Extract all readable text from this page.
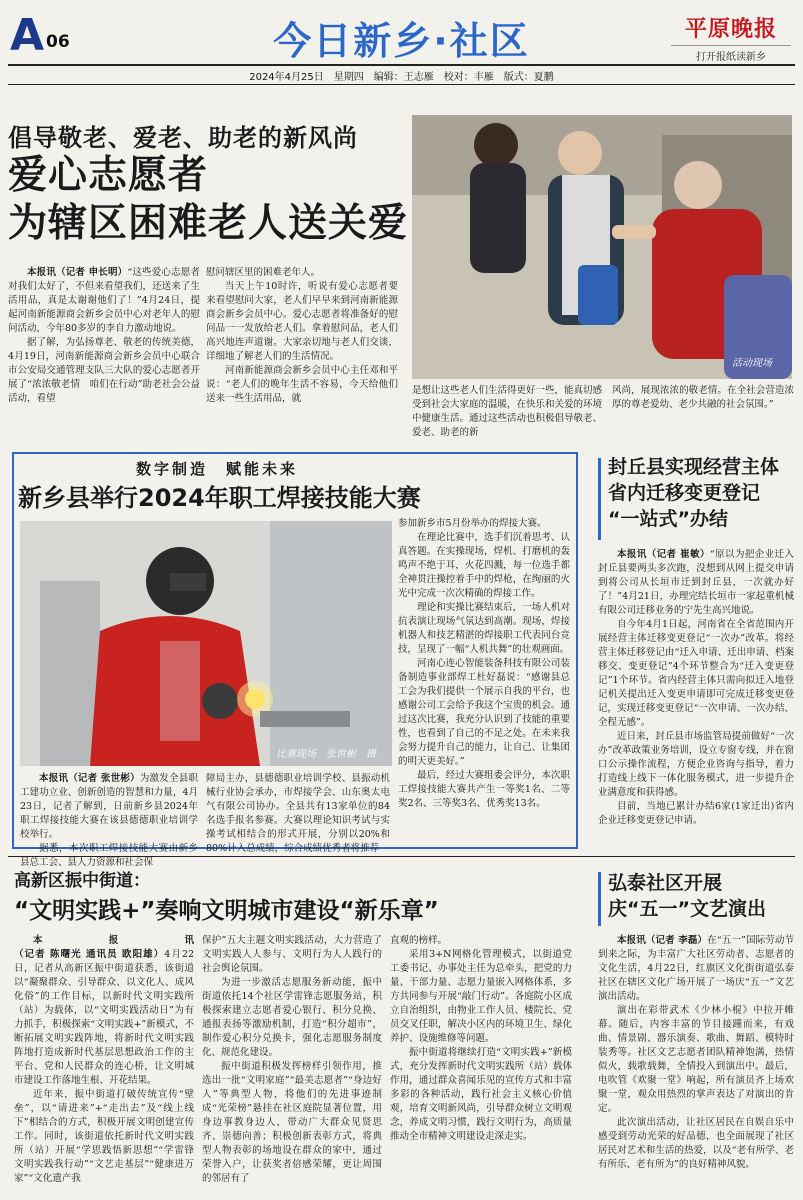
A 06	今日新乡·社区	平原晚报
打开报纸读新乡
2024年4月25日　星期四　编辑：王志雁　校对：丰雁　版式：夏鹏
倡导敬老、爱老、助老的新风尚
爱心志愿者
为辖区困难老人送关爱
活动现场

本报讯（记者 申长明）“这些爱心志愿者对我们太好了，不但来看望我们，还送来了生活用品，真是太谢谢他们了！”4月24日，提起河南新能源商会新乡会员中心对老年人的慰问活动，今年80多岁的李自力激动地说。

据了解，为弘扬尊老、敬老的传统美德，4月19日，河南新能源商会新乡会员中心联合市公安局交通管理支队三大队的爱心志愿者开展了“浓浓敬老情　咱们在行动”助老社会公益活动，看望

慰问辖区里的困难老年人。

当天上午10时许，听说有爱心志愿者要来看望慰问大家，老人们早早来到河南新能源商会新乡会员中心。爱心志愿者将准备好的慰问品一一发放给老人们。拿着慰问品，老人们高兴地连声道谢。大家亲切地与老人们交谈，详细地了解老人们的生活情况。

河南新能源商会新乡会员中心主任邓和平说：“老人们的晚年生活不容易，今天给他们送来一些生活用品，就

是想让这些老人们生活得更好一些，能真切感受到社会大家庭的温暖，在快乐和关爱的环境中健康生活。通过这些活动也积极倡导敬老、爱老、助老的新

风尚，展现浓浓的敬老情。在全社会营造浓厚的尊老爱幼、老少共融的社会氛围。”

数字制造　赋能未来
新乡县举行2024年职工焊接技能大赛
比赛现场　张世彬　摄

本报讯（记者 张世彬）为激发全县职工建功立业、创新创造的智慧和力量，4月23日，记者了解到，日前新乡县2024年职工焊接技能大赛在该县德德职业培训学校举行。

据悉，本次职工焊接技能大赛由新乡县总工会、县人力资源和社会保

障局主办，县德德职业培训学校、县振动机械行业协会承办，市焊接学会、山东奥太电气有限公司协办。全县共有13家单位的84名选手报名参赛。大赛以理论知识考试与实操考试相结合的形式开展，分别以20%和80%计入总成绩，综合成绩优秀者将推荐

参加新乡市5月份举办的焊接大赛。

在理论比赛中，选手们沉着思考、认真答题。在实操现场，焊机、打磨机的轰鸣声不绝于耳，火花四溅，每一位选手都全神贯注操控着手中的焊枪，在绚丽的火光中完成一次次精确的焊接工作。

理论和实操比赛结束后，一场人机对抗表演让现场气氛达到高潮。现场，焊接机器人和技艺精湛的焊接职工代表同台竞技，呈现了一幅“人机共舞”的壮观画面。

河南心连心智能装备科技有限公司装备制造事业部焊工杜好磊说：“感谢县总工会为我们提供一个展示自我的平台，也感谢公司工会给予我这个宝贵的机会。通过这次比赛，我充分认识到了技能的重要性，也看到了自己的不足之处。在未来我会努力提升自己的能力，让自己、让集团的明天更美好。”

最后，经过大赛组委会评分，本次职工焊接技能大赛共产生一等奖1名、二等奖2名、三等奖3名、优秀奖13名。

封丘县实现经营主体
省内迁移变更登记
“一站式”办结

本报讯（记者 崔敏）“原以为把企业迁入封丘县要两头多次跑，没想到从网上提交申请到将公司从长垣市迁到封丘县，一次就办好了！”4月21日，办理完结长垣市一家起重机械有限公司迁移业务的宁先生高兴地说。

自今年4月1日起，河南省在全省范围内开展经营主体迁移变更登记“一次办”改革。将经营主体迁移登记由“迁入申请、迁出申请、档案移交、变更登记”4个环节整合为“迁入变更登记”1个环节。省内经营主体只需向拟迁入地登记机关提出迁入变更申请即可完成迁移变更登记，实现迁移变更登记“一次申请、一次办结、全程无感”。

近日来，封丘县市场监管局提前做好“一次办”改革政策业务培训，设立专窗专线，并在窗口公示操作流程，方便企业咨询与指导，着力打造线上线下一体化服务模式，进一步提升企业满意度和获得感。

目前，当地已累计办结6家(1家迁出)省内企业迁移变更登记申请。

高新区振中街道：
“文明实践+”奏响文明城市建设“新乐章”

本报讯（记者 陈曙光 通讯员 欧阳雄）4月22日，记者从高新区振中街道获悉，该街道以“凝聚群众、引导群众、以文化人、成风化俗”的工作目标，以新时代文明实践所（站）为载体，以“文明实践活动日”为有力抓手，积极探索“文明实践+”新模式，不断拓展文明实践阵地，将新时代文明实践阵地打造成新时代基层思想政治工作的主平台、党和人民群众的连心桥，让文明城市建设工作落地生根、开花结果。

近年来，振中街道打破传统宣传“壁垒”，以“请进来”+“走出去”及“线上线下”相结合的方式，积极开展文明创建宣传工作。同时，该街道依托新时代文明实践所（站）开展“学思践悟新思想”“学雷锋　文明实践我行动”“文艺走基层”“健康进万家”“文化遗产我

保护”五大主题文明实践活动，大力营造了文明实践人人参与、文明行为人人践行的社会舆论氛围。

为进一步激活志愿服务新动能，振中街道依托14个社区学雷锋志愿服务站，积极探索建立志愿者爱心银行、积分兑换、通报表扬等激励机制，打造“积分超市”，制作爱心积分兑换卡，强化志愿服务制度化、规范化建设。

振中街道积极发挥榜样引领作用，推选出一批“文明家庭”“最美志愿者”“身边好人”等典型人物，将他们的先进事迹制成“光荣榜”悬挂在社区庭院显著位置，用身边事教身边人，带动广大群众见贤思齐、崇德向善；积极创新表彰方式，将典型人物表彰的场地设在群众的家中，通过荣誉入户，让获奖者倍感荣耀，更让周围的邻居有了

直观的榜样。

采用3+N网格化管理模式，以街道党工委书记、办事处主任为总牵头，把党的力量、干部力量、志愿力量嵌入网格体系，多方共同参与开展“敲门行动”。各庭院小区成立自治组织，由物业工作人员、楼院长、党员交叉任职，解决小区内的环境卫生、绿化养护、设施维修等问题。

振中街道将继续打造“文明实践+”新模式，充分发挥新时代文明实践所（站）载体作用，通过群众喜闻乐见的宣传方式和丰富多彩的各种活动，践行社会主义核心价值观，培育文明新风尚，引导群众树立文明观念，养成文明习惯，践行文明行为，高质量推动全市精神文明建设走深走实。

弘泰社区开展
庆“五一”文艺演出

本报讯（记者 李磊）在“五一”国际劳动节到来之际，为丰富广大社区劳动者、志愿者的文化生活，4月22日，红旗区文化街街道弘泰社区在辖区文化广场开展了一场庆“五一”文艺演出活动。

演出在彩带武术《少林小棍》中拉开帷幕。随后，内容丰富的节目接踵而来，有戏曲、情景剧、器乐演奏、歌曲、舞蹈、模特时装秀等。社区文艺志愿者团队精神饱满，热情似火，载歌载舞，全情投入到演出中。最后，电吹管《欢聚一堂》响起，所有演员齐上场欢聚一堂，观众用热烈的掌声表达了对演出的肯定。

此次演出活动，让社区居民在自娱自乐中感受到劳动光荣的好品德，也全面展现了社区居民对艺术和生活的热爱，以及“老有所学、老有所乐、老有所为”的良好精神风貌。
